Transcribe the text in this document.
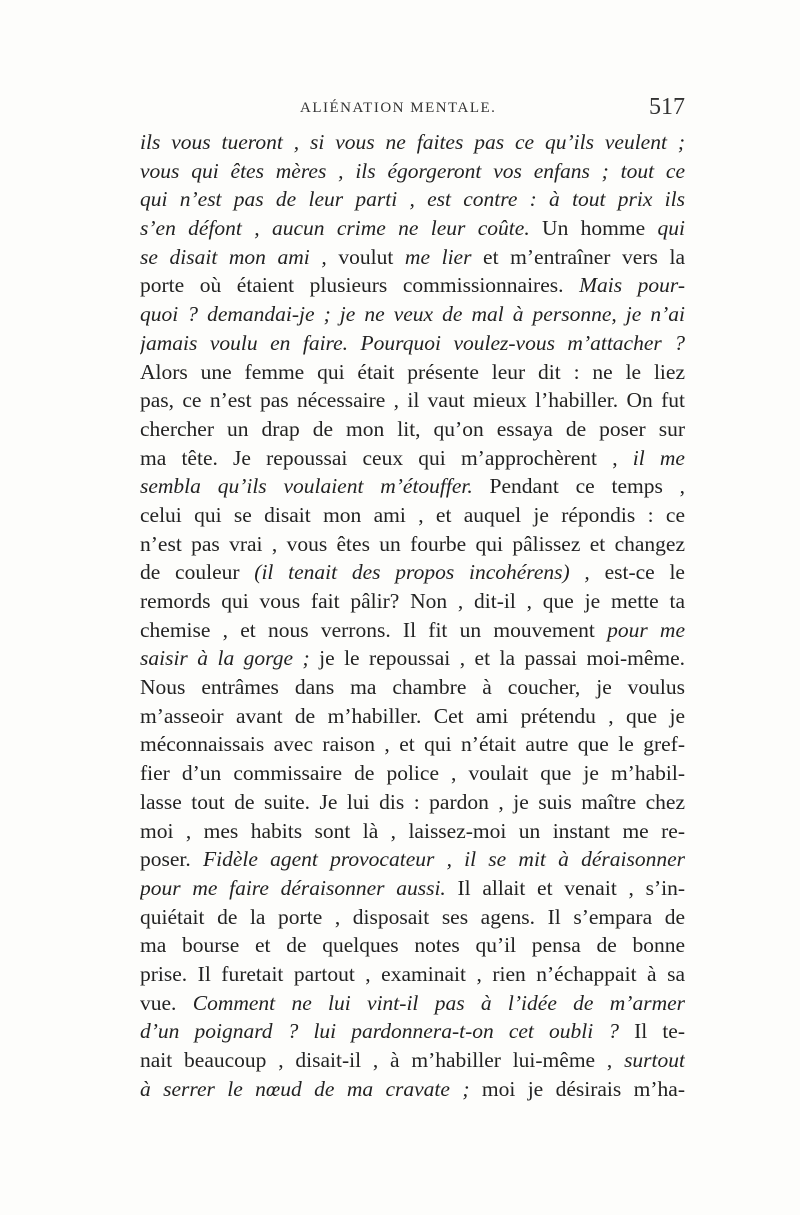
ALIÉNATION MENTALE.	517
ils vous tueront , si vous ne faites pas ce qu’ils veulent ;
vous qui êtes mères , ils égorgeront vos enfans ; tout ce
qui n’est pas de leur parti , est contre : à tout prix ils
s’en défont , aucun crime ne leur coûte. Un homme qui
se disait mon ami , voulut me lier et m’entraîner vers la
porte où étaient plusieurs commissionnaires. Mais pour-
quoi ? demandai-je ; je ne veux de mal à personne, je n’ai
jamais voulu en faire. Pourquoi voulez-vous m’attacher ?
Alors une femme qui était présente leur dit : ne le liez
pas, ce n’est pas nécessaire , il vaut mieux l’habiller. On fut
chercher un drap de mon lit, qu’on essaya de poser sur
ma tête. Je repoussai ceux qui m’approchèrent , il me
sembla qu’ils voulaient m’étouffer. Pendant ce temps ,
celui qui se disait mon ami , et auquel je répondis : ce
n’est pas vrai , vous êtes un fourbe qui pâlissez et changez
de couleur (il tenait des propos incohérens) , est-ce le
remords qui vous fait pâlir? Non , dit-il , que je mette ta
chemise , et nous verrons. Il fit un mouvement pour me
saisir à la gorge ; je le repoussai , et la passai moi-même.
Nous entrâmes dans ma chambre à coucher, je voulus
m’asseoir avant de m’habiller. Cet ami prétendu , que je
méconnaissais avec raison , et qui n’était autre que le gref-
fier d’un commissaire de police , voulait que je m’habil-
lasse tout de suite. Je lui dis : pardon , je suis maître chez
moi , mes habits sont là , laissez-moi un instant me re-
poser. Fidèle agent provocateur , il se mit à déraisonner
pour me faire déraisonner aussi. Il allait et venait , s’in-
quiétait de la porte , disposait ses agens. Il s’empara de
ma bourse et de quelques notes qu’il pensa de bonne
prise. Il furetait partout , examinait , rien n’échappait à sa
vue. Comment ne lui vint-il pas à l’idée de m’armer
d’un poignard ? lui pardonnera-t-on cet oubli ? Il te-
nait beaucoup , disait-il , à m’habiller lui-même , surtout
à serrer le nœud de ma cravate ; moi je désirais m’ha-
